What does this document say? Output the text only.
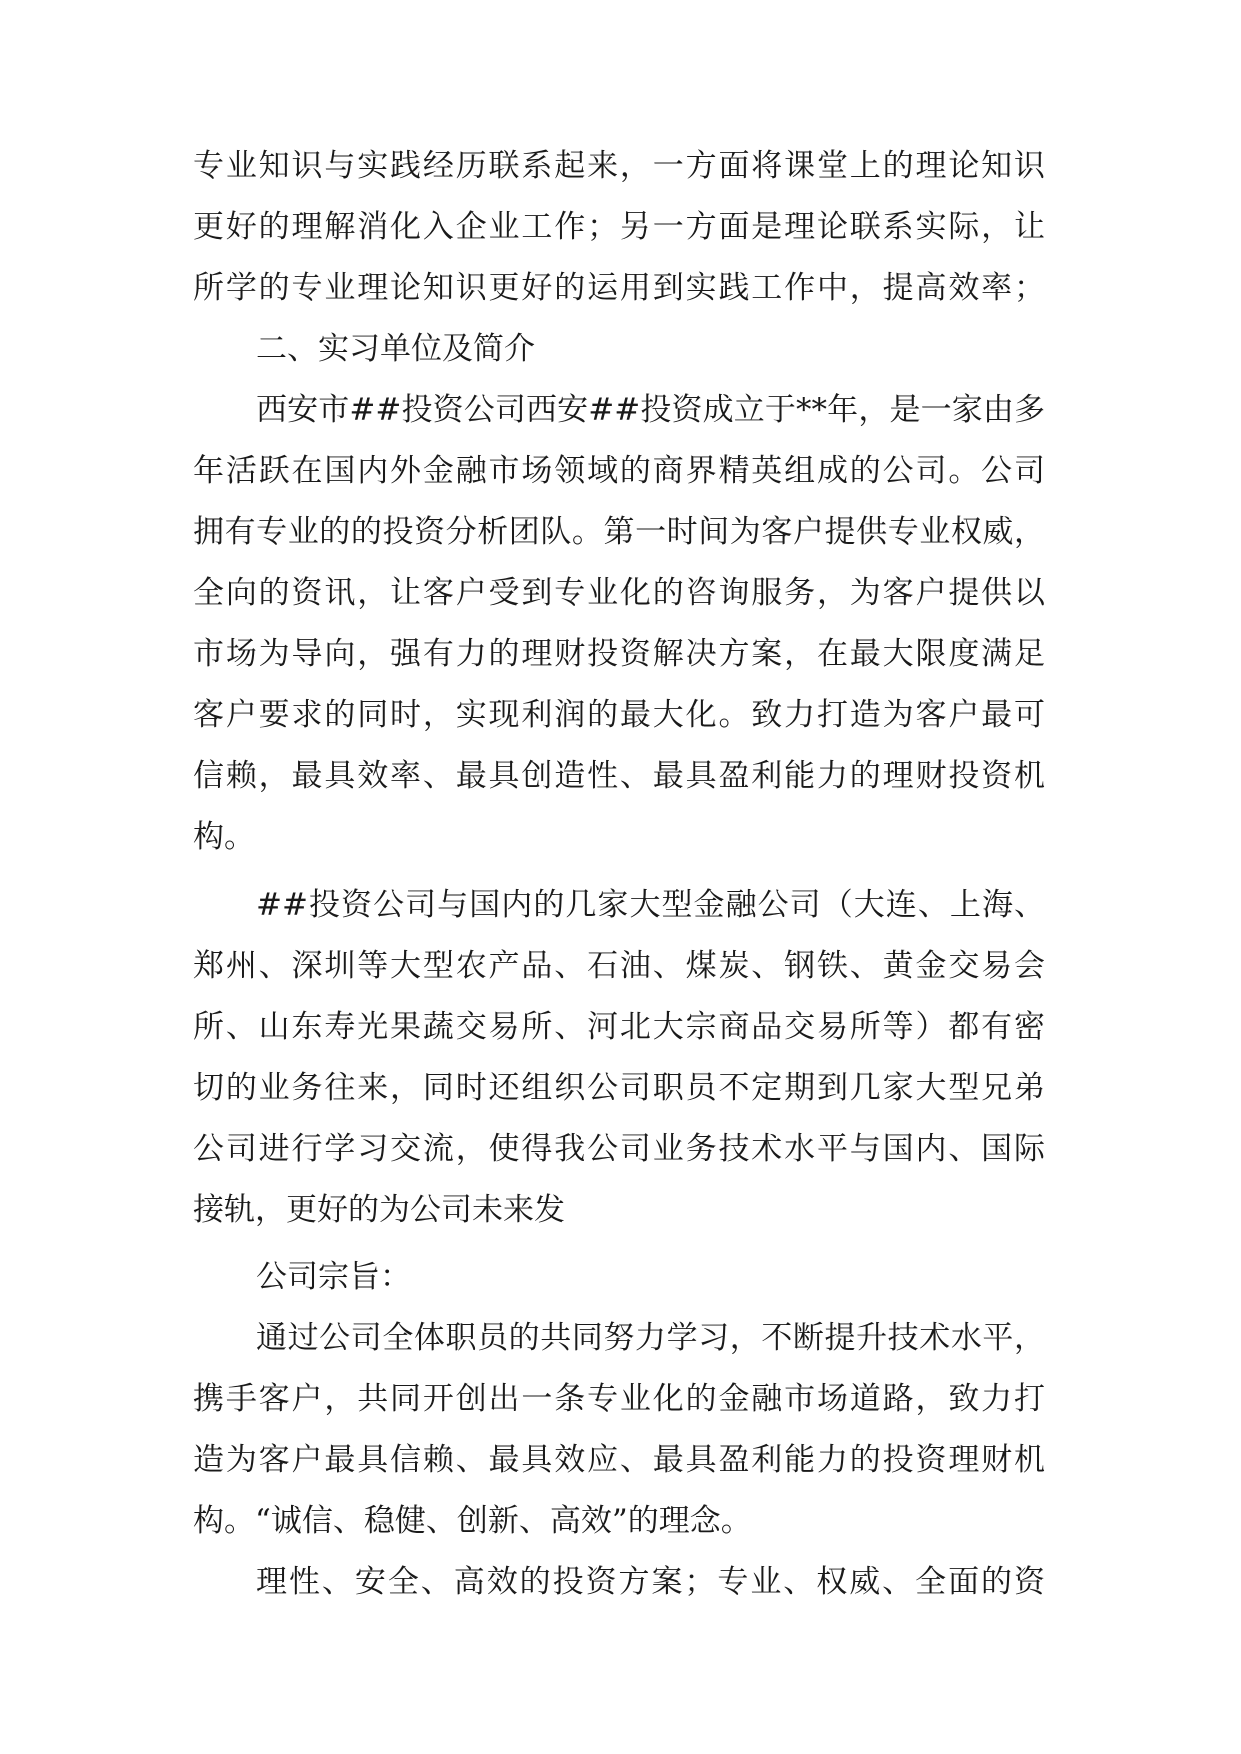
专业知识与实践经历联系起来，一方面将课堂上的理论知识
更好的理解消化入企业工作；另一方面是理论联系实际，让
所学的专业理论知识更好的运用到实践工作中，提高效率；
二、实习单位及简介
西安市##投资公司西安##投资成立于**年，是一家由多
年活跃在国内外金融市场领域的商界精英组成的公司。公司
拥有专业的的投资分析团队。第一时间为客户提供专业权威，
全向的资讯，让客户受到专业化的咨询服务，为客户提供以
市场为导向，强有力的理财投资解决方案，在最大限度满足
客户要求的同时，实现利润的最大化。致力打造为客户最可
信赖，最具效率、最具创造性、最具盈利能力的理财投资机
构。
##投资公司与国内的几家大型金融公司（大连、上海、
郑州、深圳等大型农产品、石油、煤炭、钢铁、黄金交易会
所、山东寿光果蔬交易所、河北大宗商品交易所等）都有密
切的业务往来，同时还组织公司职员不定期到几家大型兄弟
公司进行学习交流，使得我公司业务技术水平与国内、国际
接轨，更好的为公司未来发
公司宗旨：
通过公司全体职员的共同努力学习，不断提升技术水平，
携手客户，共同开创出一条专业化的金融市场道路，致力打
造为客户最具信赖、最具效应、最具盈利能力的投资理财机
构。“诚信、稳健、创新、高效”的理念。
理性、安全、高效的投资方案；专业、权威、全面的资
